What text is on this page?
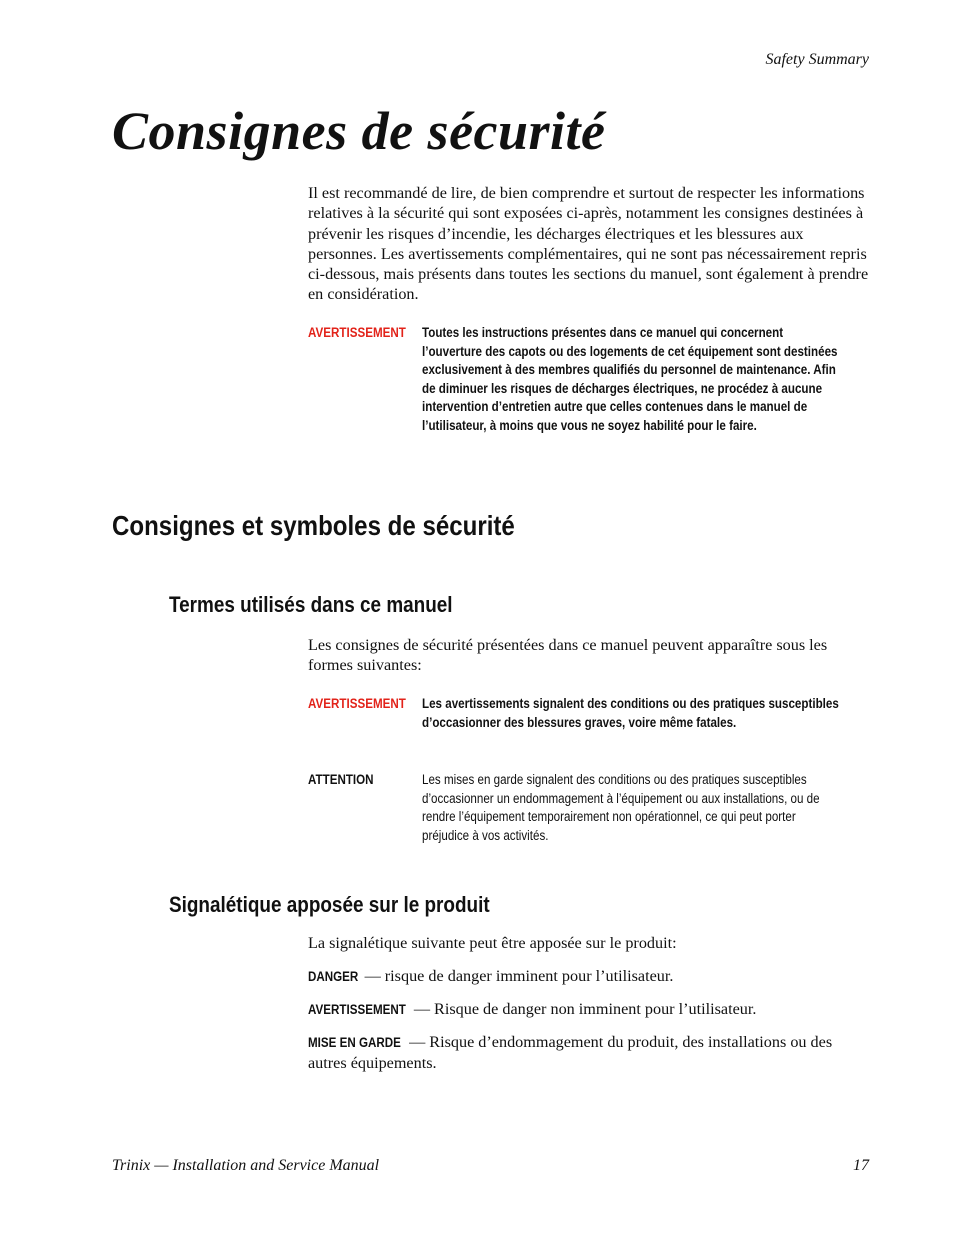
Safety Summary
Consignes de sécurité

Il est recommandé de lire, de bien comprendre et surtout de respecter les informations relatives à la sécurité qui sont exposées ci-après, notamment les consignes destinées à prévenir les risques d’incendie, les décharges électriques et les blessures aux personnes. Les avertissements complémentaires, qui ne sont pas nécessairement repris ci-dessous, mais présents dans toutes les sections du manuel, sont également à prendre en considération.

AVERTISSEMENT Toutes les instructions présentes dans ce manuel qui concernent l’ouverture des capots ou des logements de cet équipement sont destinées exclusivement à des membres qualifiés du personnel de maintenance. Afin de diminuer les risques de décharges électriques, ne procédez à aucune intervention d’entretien autre que celles contenues dans le manuel de l’utilisateur, à moins que vous ne soyez habilité pour le faire.
Consignes et symboles de sécurité
Termes utilisés dans ce manuel

Les consignes de sécurité présentées dans ce manuel peuvent apparaître sous les formes suivantes:

AVERTISSEMENT Les avertissements signalent des conditions ou des pratiques susceptibles d’occasionner des blessures graves, voire même fatales.
ATTENTION	Les mises en garde signalent des conditions ou des pratiques susceptibles d’occasionner un endommagement à l’équipement ou aux installations, ou de rendre l’équipement temporairement non opérationnel, ce qui peut porter préjudice à vos activités.
Signalétique apposée sur le produit

La signalétique suivante peut être apposée sur le produit:

DANGER — risque de danger imminent pour l’utilisateur.

AVERTISSEMENT — Risque de danger non imminent pour l’utilisateur.

MISE EN GARDE — Risque d’endommagement du produit, des installations ou des autres équipements.

Trinix — Installation and Service Manual	17
